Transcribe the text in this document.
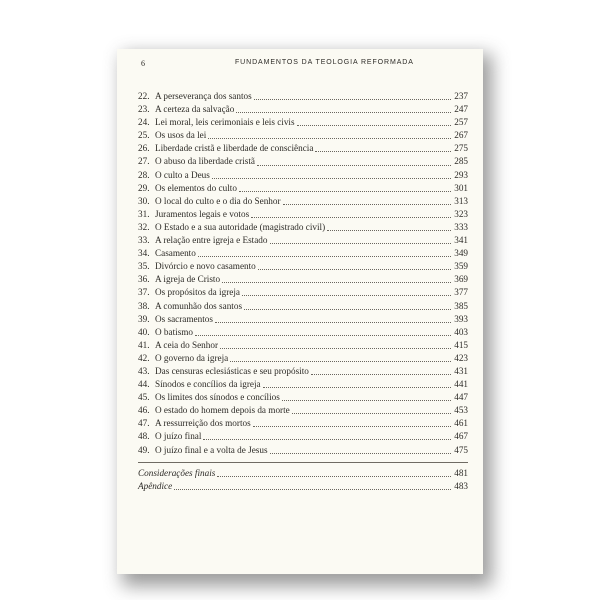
6	FUNDAMENTOS DA TEOLOGIA REFORMADA
22. A perseverança dos santos	237
23. A certeza da salvação	247
24. Lei moral, leis cerimoniais e leis civis	257
25. Os usos da lei	267
26. Liberdade cristã e liberdade de consciência	275
27. O abuso da liberdade cristã	285
28. O culto a Deus	293
29. Os elementos do culto	301
30. O local do culto e o dia do Senhor	313
31. Juramentos legais e votos	323
32. O Estado e a sua autoridade (magistrado civil)	333
33. A relação entre igreja e Estado	341
34. Casamento	349
35. Divórcio e novo casamento	359
36. A igreja de Cristo	369
37. Os propósitos da igreja	377
38. A comunhão dos santos	385
39. Os sacramentos	393
40. O batismo	403
41. A ceia do Senhor	415
42. O governo da igreja	423
43. Das censuras eclesiásticas e seu propósito	431
44. Sínodos e concílios da igreja	441
45. Os limites dos sínodos e concílios	447
46. O estado do homem depois da morte	453
47. A ressurreição dos mortos	461
48. O juízo final	467
49. O juízo final e a volta de Jesus	475
Considerações finais	481
Apêndice	483
